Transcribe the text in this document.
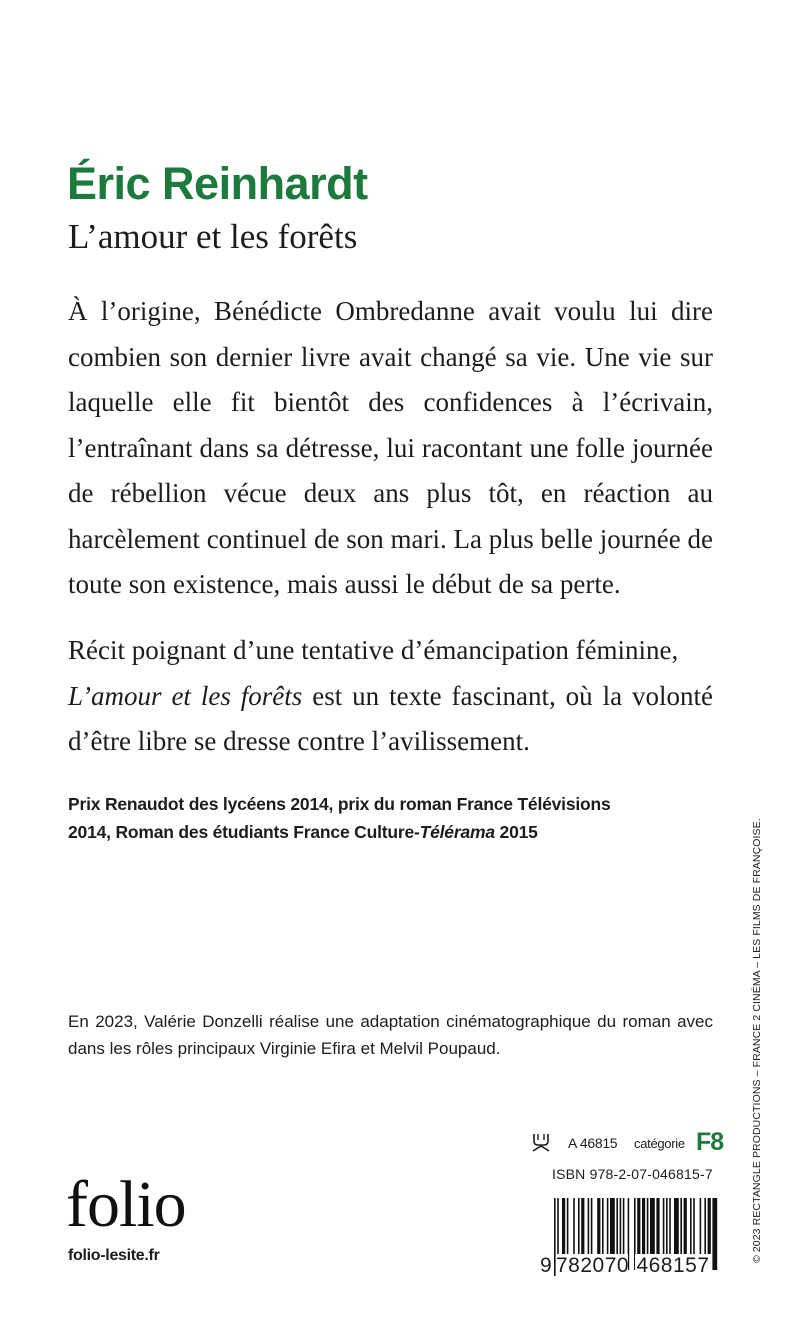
Éric Reinhardt
L’amour et les forêts

À l’origine, Bénédicte Ombredanne avait voulu lui dire combien son dernier livre avait changé sa vie. Une vie sur laquelle elle fit bientôt des confidences à l’écrivain, l’entraînant dans sa détresse, lui racontant une folle journée de rébellion vécue deux ans plus tôt, en réaction au harcèlement continuel de son mari. La plus belle journée de toute son existence, mais aussi le début de sa perte.

Récit poignant d’une tentative d’émancipation féminine,
L’amour et les forêts est un texte fascinant, où la volonté d’être libre se dresse contre l’avilissement.

Prix Renaudot des lycéens 2014, prix du roman France Télévisions
2014, Roman des étudiants France Culture-Télérama 2015

En 2023, Valérie Donzelli réalise une adaptation cinématographique du roman avec dans les rôles principaux Virginie Efira et Melvil Poupaud.

folio
folio-lesite.fr
A 46815 catégorie F8
ISBN 978-2-07-046815-7
9 782070 468157
© 2023 RECTANGLE PRODUCTIONS – FRANCE 2 CINÉMA – LES FILMS DE FRANÇOISE.
